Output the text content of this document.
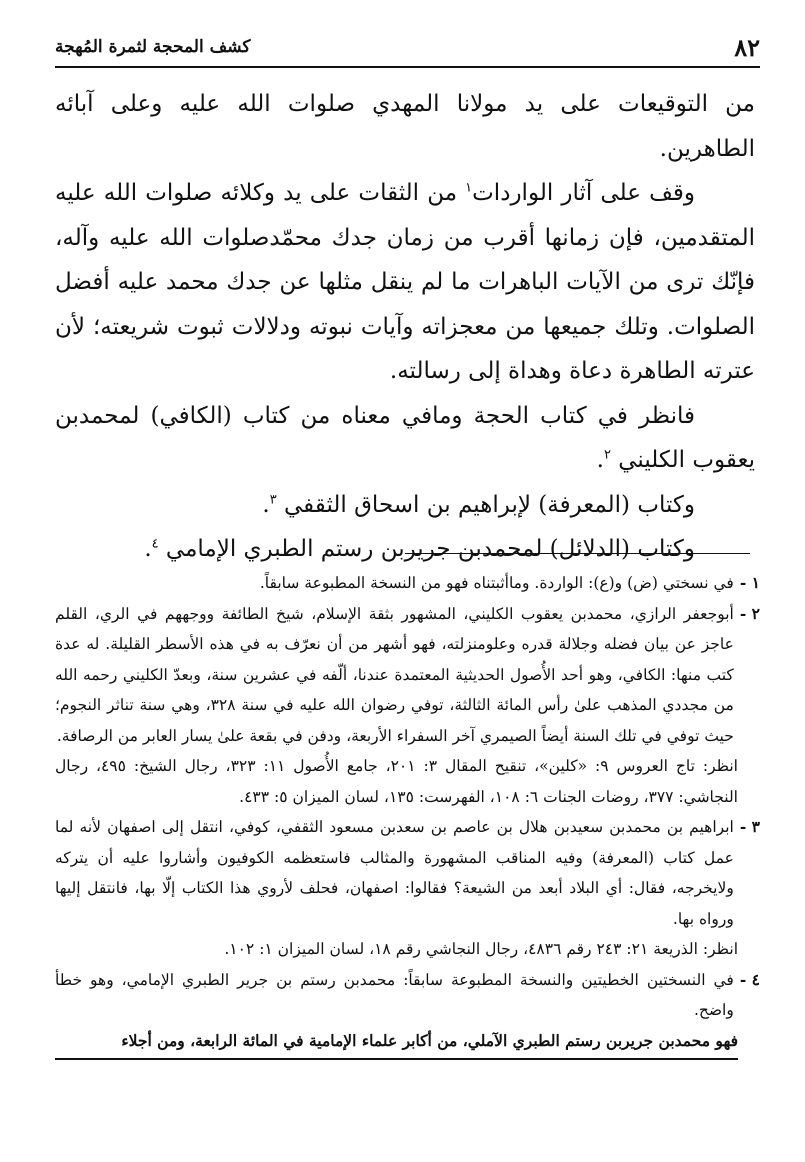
٨٢
كشف المحجة لثمرة المُهجة

من التوقيعات على يد مولانا المهدي صلوات الله عليه وعلى آبائه الطاهرين.

وقف على آثار الواردات$^١$ من الثقات على يد وكلائه صلوات الله عليه المتقدمين، فإن زمانها أقرب من زمان جدك محمّدصلوات الله عليه وآله، فإنّك ترى من الآيات الباهرات ما لم ينقل مثلها عن جدك محمد عليه أفضل الصلوات. وتلك جميعها من معجزاته وآيات نبوته ودلالات ثبوت شريعته؛ لأن عترته الطاهرة دعاة وهداة إلى رسالته.

فانظر في كتاب الحجة ومافي معناه من كتاب (الكافي) لمحمدبن يعقوب الكليني $^٢$.

وكتاب (المعرفة) لإبراهيم بن اسحاق الثقفي $^٣$.

وكتاب (الدلائل) لمحمدبن جريربن رستم الطبري الإمامي $^٤$.

١ -
في نسختي (ض) و(ع): الواردة. وماأثبتناه فهو من النسخة المطبوعة سابقاً.

٢ -
أبوجعفر الرازي، محمدبن يعقوب الكليني، المشهور بثقة الإسلام، شيخ الطائفة ووجههم في الري، القلم عاجز عن بيان فضله وجلالة قدره وعلومنزلته، فهو أشهر من أن نعرّف به في هذه الأسطر القليلة. له عدة كتب منها: الكافي، وهو أحد الأُصول الحديثية المعتمدة عندنا، ألّفه في عشرين سنة، وبعدّ الكليني رحمه الله من مجددي المذهب علىٰ رأس المائة الثالثة، توفي رضوان الله عليه في سنة ٣٢٨، وهي سنة تناثر النجوم؛ حيث توفي في تلك السنة أيضاً الصيمري آخر السفراء الأربعة، ودفن في بقعة علىٰ يسار العابر من الرصافة.

انظر: تاج العروس ٩: «كلين»، تنقيح المقال ٣: ٢٠١، جامع الأُصول ١١: ٣٢٣، رجال الشيخ: ٤٩٥، رجال النجاشي: ٣٧٧، روضات الجنات ٦: ١٠٨، الفهرست: ١٣٥، لسان الميزان ٥: ٤٣٣.

٣ -
ابراهيم بن محمدبن سعيدبن هلال بن عاصم بن سعدبن مسعود الثقفي، كوفي، انتقل إلى اصفهان لأنه لما عمل كتاب (المعرفة) وفيه المناقب المشهورة والمثالب فاستعظمه الكوفيون وأشاروا عليه أن يتركه ولايخرجه، فقال: أي البلاد أبعد من الشيعة؟ فقالوا: اصفهان، فحلف لأروي هذا الكتاب إلّا بها، فانتقل إليها ورواه بها.

انظر: الذريعة ٢١: ٢٤٣ رقم ٤٨٣٦، رجال النجاشي رقم ١٨، لسان الميزان ١: ١٠٢.

٤ -
في النسختين الخطيتين والنسخة المطبوعة سابقاً: محمدبن رستم بن جرير الطبري الإمامي، وهو خطأ واضح.

فهو محمدبن جريربن رستم الطبري الآملي، من أكابر علماء الإمامية في المائة الرابعة، ومن أجلاء
